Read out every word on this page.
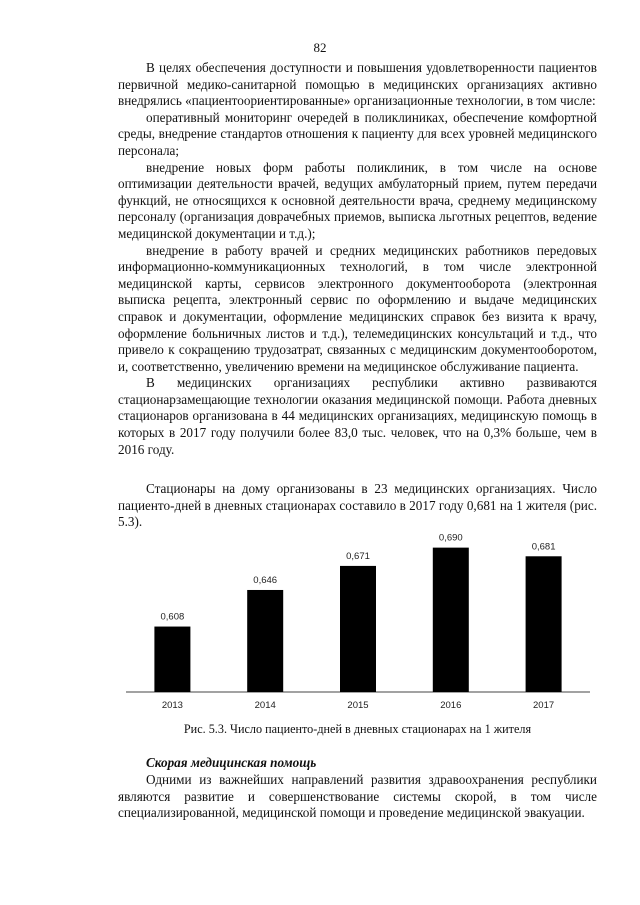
82

В целях обеспечения доступности и повышения удовлетворенности пациентов первичной медико-санитарной помощью в медицинских организациях активно внедрялись «пациентоориентированные» организационные технологии, в том числе:

оперативный мониторинг очередей в поликлиниках, обеспечение комфортной среды, внедрение стандартов отношения к пациенту для всех уровней медицинского персонала;

внедрение новых форм работы поликлиник, в том числе на основе оптимизации деятельности врачей, ведущих амбулаторный прием, путем передачи функций, не относящихся к основной деятельности врача, среднему медицинскому персоналу (организация доврачебных приемов, выписка льготных рецептов, ведение медицинской документации и т.д.);

внедрение в работу врачей и средних медицинских работников передовых информационно-коммуникационных технологий, в том числе электронной медицинской карты, сервисов электронного документооборота (электронная выписка рецепта, электронный сервис по оформлению и выдаче медицинских справок и документации, оформление медицинских справок без визита к врачу, оформление больничных листов и т.д.), телемедицинских консультаций и т.д., что привело к сокращению трудозатрат, связанных с медицинским документооборотом, и, соответственно, увеличению времени на медицинское обслуживание пациента.

В медицинских организациях республики активно развиваются стационарзамещающие технологии оказания медицинской помощи. Работа дневных стационаров организована в 44 медицинских организациях, медицинскую помощь в которых в 2017 году получили более 83,0 тыс. человек, что на 0,3% больше, чем в 2016 году.

Стационары на дому организованы в 23 медицинских организациях. Число пациенто-дней в дневных стационарах составило в 2017 году 0,681 на 1 жителя (рис. 5.3).

0,608
2013
0,646
2014
0,671
2015
0,690
2016
0,681
2017
Рис. 5.3. Число пациенто-дней в дневных стационарах на 1 жителя
Скорая медицинская помощь

Одними из важнейших направлений развития здравоохранения республики являются развитие и совершенствование системы скорой, в том числе специализированной, медицинской помощи и проведение медицинской эвакуации.
